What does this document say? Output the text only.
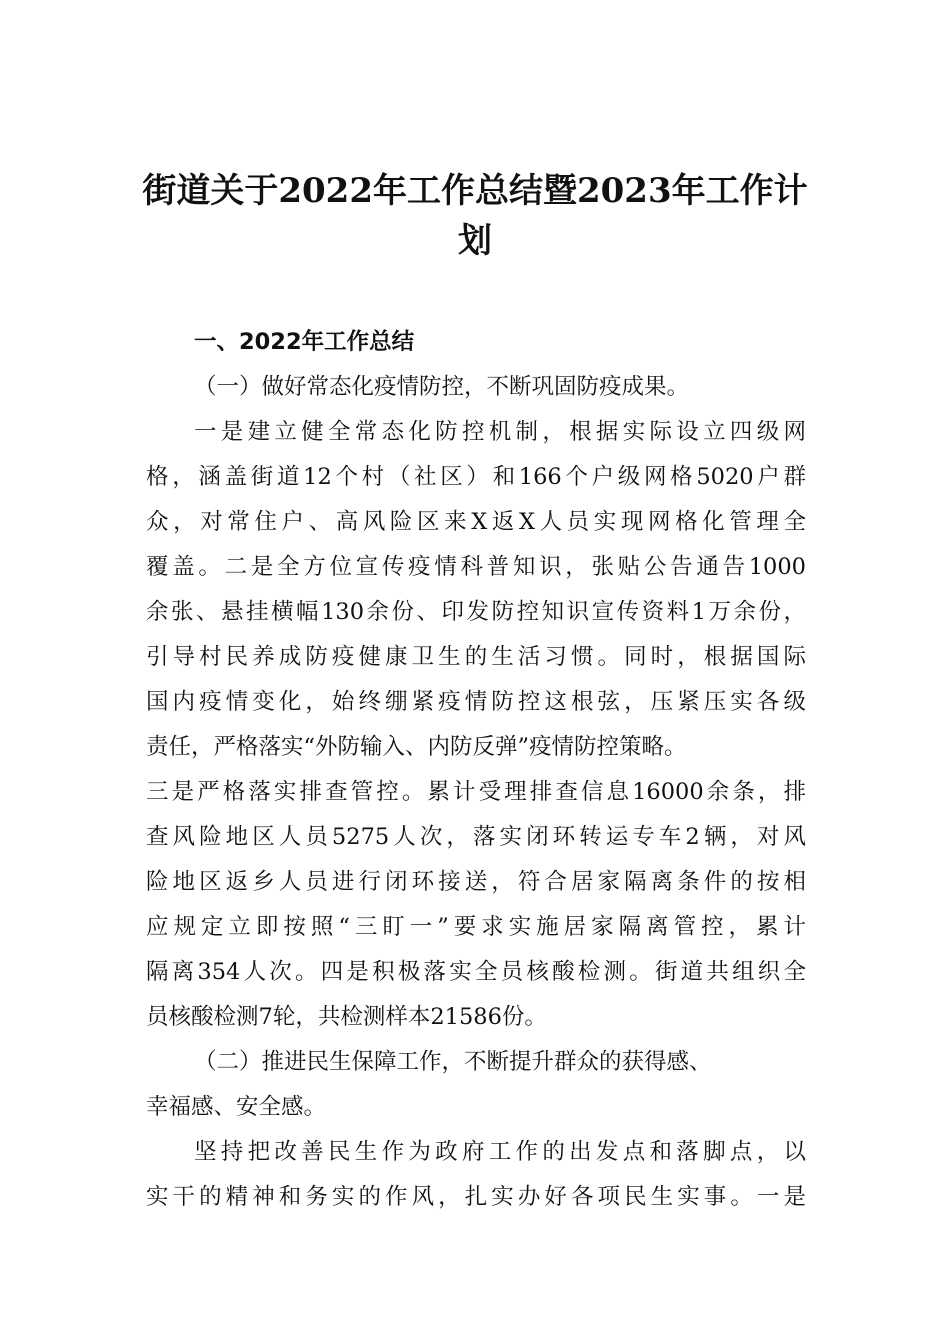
街道关于2022年工作总结暨2023年工作计
划
一、2022年工作总结
（一）做好常态化疫情防控，不断巩固防疫成果。
一是建立健全常态化防控机制，根据实际设立四级网
格，涵盖街道12个村（社区）和166个户级网格5020户群
众，对常住户、高风险区来X返X人员实现网格化管理全
覆盖。二是全方位宣传疫情科普知识，张贴公告通告1000
余张、悬挂横幅130余份、印发防控知识宣传资料1万余份，
引导村民养成防疫健康卫生的生活习惯。同时，根据国际
国内疫情变化，始终绷紧疫情防控这根弦，压紧压实各级
责任，严格落实“外防输入、内防反弹”疫情防控策略。
三是严格落实排查管控。累计受理排查信息16000余条，排
查风险地区人员5275人次，落实闭环转运专车2辆，对风
险地区返乡人员进行闭环接送，符合居家隔离条件的按相
应规定立即按照“三盯一”要求实施居家隔离管控，累计
隔离354人次。四是积极落实全员核酸检测。街道共组织全
员核酸检测7轮，共检测样本21586份。
（二）推进民生保障工作，不断提升群众的获得感、
幸福感、安全感。
坚持把改善民生作为政府工作的出发点和落脚点，以
实干的精神和务实的作风，扎实办好各项民生实事。一是
